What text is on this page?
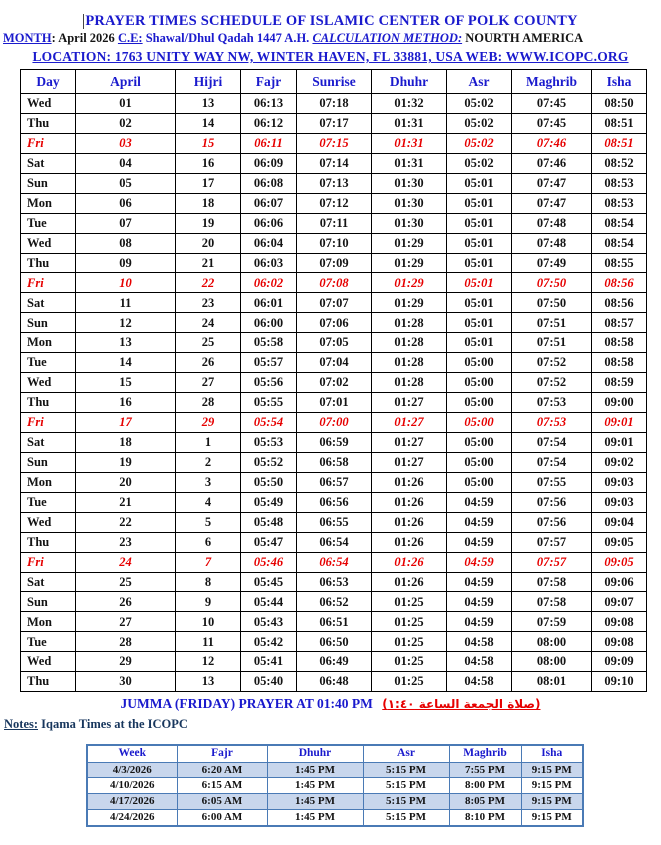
PRAYER TIMES SCHEDULE OF ISLAMIC CENTER OF POLK COUNTY
MONTH: April 2026 C.E: Shawal/Dhul Qadah 1447 A.H. CALCULATION METHOD: NOURTH AMERICA
LOCATION: 1763 UNITY WAY NW, WINTER HAVEN, FL 33881, USA WEB: WWW.ICOPC.ORG
Day	April	Hijri	Fajr	Sunrise	Dhuhr	Asr	Maghrib	Isha
Wed	01	13	06:13	07:18	01:32	05:02	07:45	08:50
Thu	02	14	06:12	07:17	01:31	05:02	07:45	08:51
Fri	03	15	06:11	07:15	01:31	05:02	07:46	08:51
Sat	04	16	06:09	07:14	01:31	05:02	07:46	08:52
Sun	05	17	06:08	07:13	01:30	05:01	07:47	08:53
Mon	06	18	06:07	07:12	01:30	05:01	07:47	08:53
Tue	07	19	06:06	07:11	01:30	05:01	07:48	08:54
Wed	08	20	06:04	07:10	01:29	05:01	07:48	08:54
Thu	09	21	06:03	07:09	01:29	05:01	07:49	08:55
Fri	10	22	06:02	07:08	01:29	05:01	07:50	08:56
Sat	11	23	06:01	07:07	01:29	05:01	07:50	08:56
Sun	12	24	06:00	07:06	01:28	05:01	07:51	08:57
Mon	13	25	05:58	07:05	01:28	05:01	07:51	08:58
Tue	14	26	05:57	07:04	01:28	05:00	07:52	08:58
Wed	15	27	05:56	07:02	01:28	05:00	07:52	08:59
Thu	16	28	05:55	07:01	01:27	05:00	07:53	09:00
Fri	17	29	05:54	07:00	01:27	05:00	07:53	09:01
Sat	18	1	05:53	06:59	01:27	05:00	07:54	09:01
Sun	19	2	05:52	06:58	01:27	05:00	07:54	09:02
Mon	20	3	05:50	06:57	01:26	05:00	07:55	09:03
Tue	21	4	05:49	06:56	01:26	04:59	07:56	09:03
Wed	22	5	05:48	06:55	01:26	04:59	07:56	09:04
Thu	23	6	05:47	06:54	01:26	04:59	07:57	09:05
Fri	24	7	05:46	06:54	01:26	04:59	07:57	09:05
Sat	25	8	05:45	06:53	01:26	04:59	07:58	09:06
Sun	26	9	05:44	06:52	01:25	04:59	07:58	09:07
Mon	27	10	05:43	06:51	01:25	04:59	07:59	09:08
Tue	28	11	05:42	06:50	01:25	04:58	08:00	09:08
Wed	29	12	05:41	06:49	01:25	04:58	08:00	09:09
Thu	30	13	05:40	06:48	01:25	04:58	08:01	09:10
JUMMA (FRIDAY) PRAYER AT 01:40 PM (صلاة الجمعة الساعة ١:٤٠)
Notes: Iqama Times at the ICOPC
Week	Fajr	Dhuhr	Asr	Maghrib	Isha
4/3/2026	6:20 AM	1:45 PM	5:15 PM	7:55 PM	9:15 PM
4/10/2026	6:15 AM	1:45 PM	5:15 PM	8:00 PM	9:15 PM
4/17/2026	6:05 AM	1:45 PM	5:15 PM	8:05 PM	9:15 PM
4/24/2026	6:00 AM	1:45 PM	5:15 PM	8:10 PM	9:15 PM
